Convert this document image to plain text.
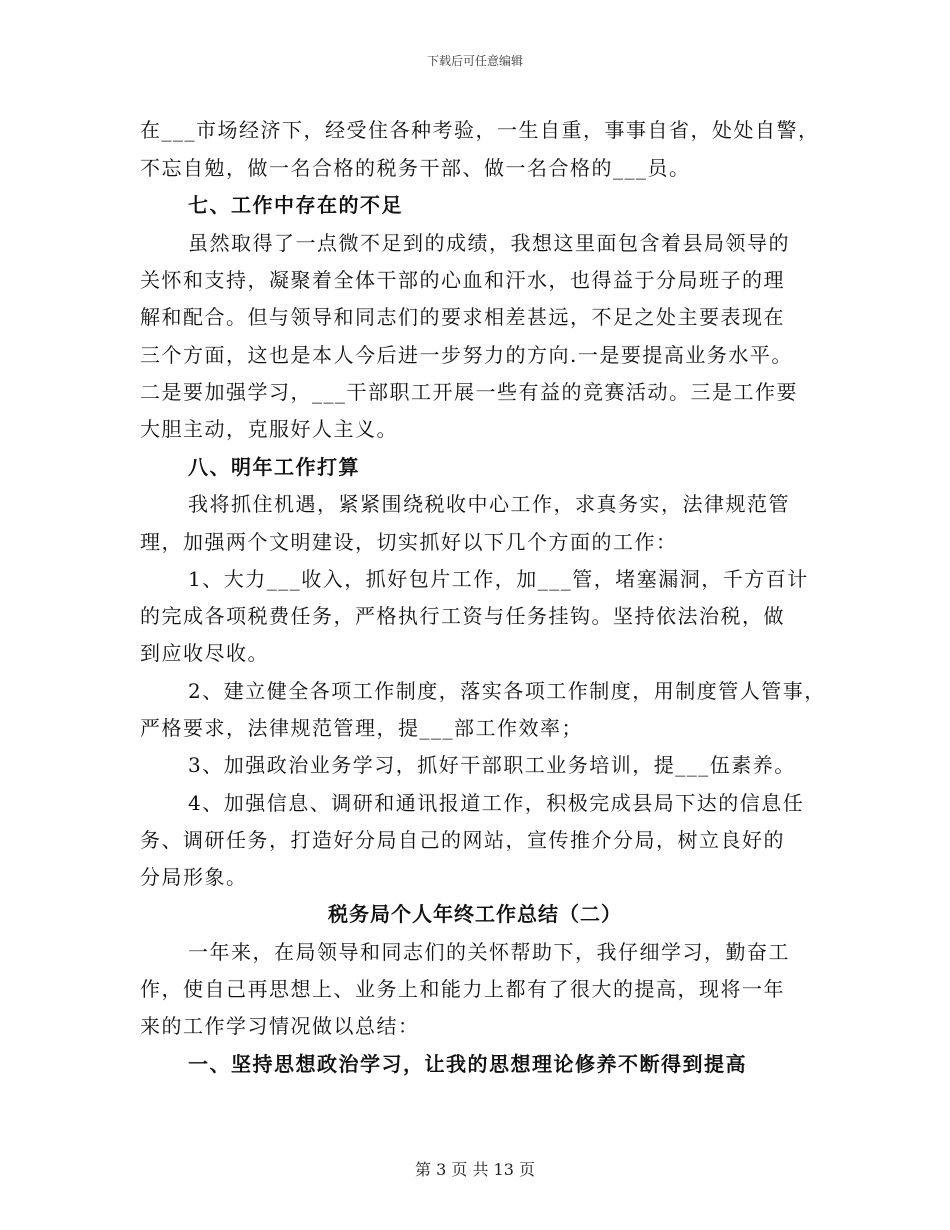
下载后可任意编辑
在___市场经济下，经受住各种考验，一生自重，事事自省，处处自警，
不忘自勉，做一名合格的税务干部、做一名合格的___员。
七、工作中存在的不足
虽然取得了一点微不足到的成绩，我想这里面包含着县局领导的
关怀和支持，凝聚着全体干部的心血和汗水，也得益于分局班子的理
解和配合。但与领导和同志们的要求相差甚远，不足之处主要表现在
三个方面，这也是本人今后进一步努力的方向.一是要提高业务水平。
二是要加强学习，___干部职工开展一些有益的竞赛活动。三是工作要
大胆主动，克服好人主义。
八、明年工作打算
我将抓住机遇，紧紧围绕税收中心工作，求真务实，法律规范管
理，加强两个文明建设，切实抓好以下几个方面的工作：
1、大力___收入，抓好包片工作，加___管，堵塞漏洞，千方百计
的完成各项税费任务，严格执行工资与任务挂钩。坚持依法治税，做
到应收尽收。
2、建立健全各项工作制度，落实各项工作制度，用制度管人管事，
严格要求，法律规范管理，提___部工作效率；
3、加强政治业务学习，抓好干部职工业务培训，提___伍素养。
4、加强信息、调研和通讯报道工作，积极完成县局下达的信息任
务、调研任务，打造好分局自己的网站，宣传推介分局，树立良好的
分局形象。
税务局个人年终工作总结（二）
一年来，在局领导和同志们的关怀帮助下，我仔细学习，勤奋工
作，使自己再思想上、业务上和能力上都有了很大的提高，现将一年
来的工作学习情况做以总结：
一、坚持思想政治学习，让我的思想理论修养不断得到提高
第 3 页 共 13 页
